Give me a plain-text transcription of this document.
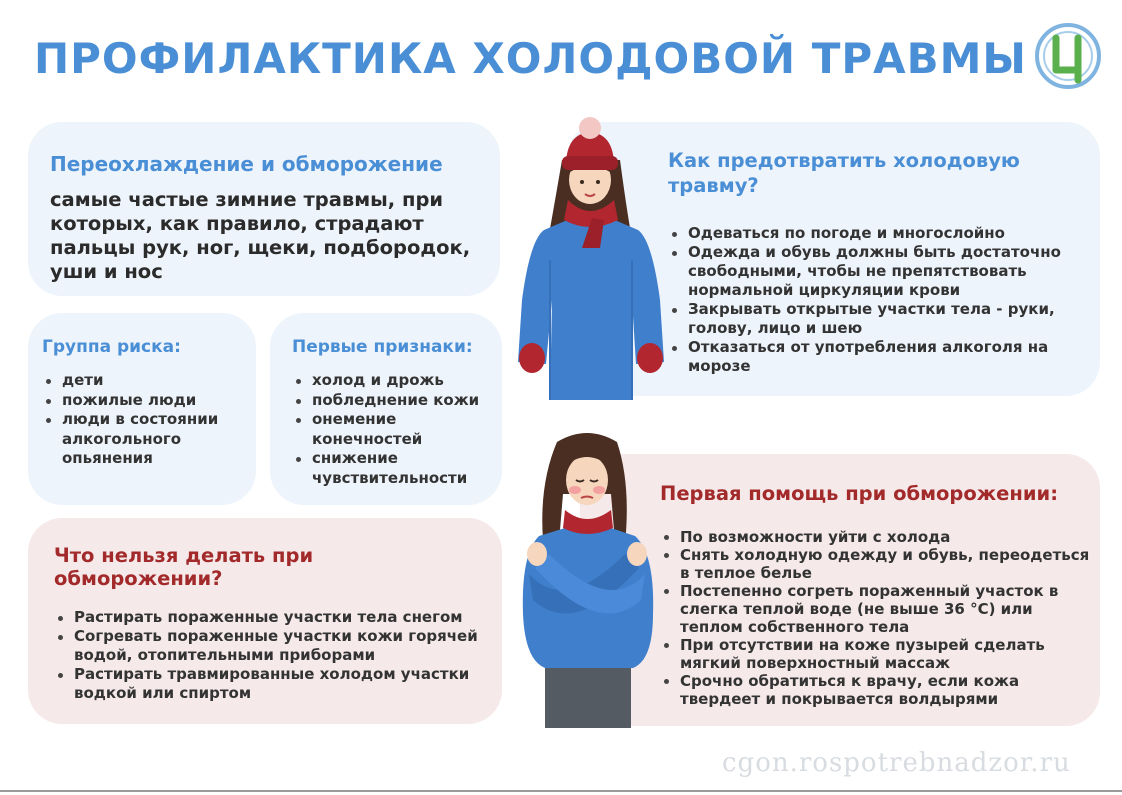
ПРОФИЛАКТИКА ХОЛОДОВОЙ ТРАВМЫ
Переохлаждение и обморожение
самые частые зимние травмы, при которых, как правило, страдают пальцы рук, ног, щеки, подбородок, уши и нос
Группа риска:
дети
пожилые люди
люди в состоянии алкогольного опьянения
Первые признаки:
холод и дрожь
побледнение кожи
онемение конечностей
снижение чувствительности
Что нельзя делать при обморожении?
Растирать пораженные участки тела снегом
Согревать пораженные участки кожи горячей водой, отопительными приборами
Растирать травмированные холодом участки водкой или спиртом
Как предотвратить холодовую травму?
Одеваться по погоде и многослойно
Одежда и обувь должны быть достаточно свободными, чтобы не препятствовать нормальной циркуляции крови
Закрывать открытые участки тела - руки, голову, лицо и шею
Отказаться от употребления алкоголя на морозе
Первая помощь при обморожении:
По возможности уйти с холода
Снять холодную одежду и обувь, переодеться в теплое белье
Постепенно согреть пораженный участок в слегка теплой воде (не выше 36 °С) или теплом собственного тела
При отсутствии на коже пузырей сделать мягкий поверхностный массаж
Срочно обратиться к врачу, если кожа твердеет и покрывается волдырями
cgon.rospotrebnadzor.ru
